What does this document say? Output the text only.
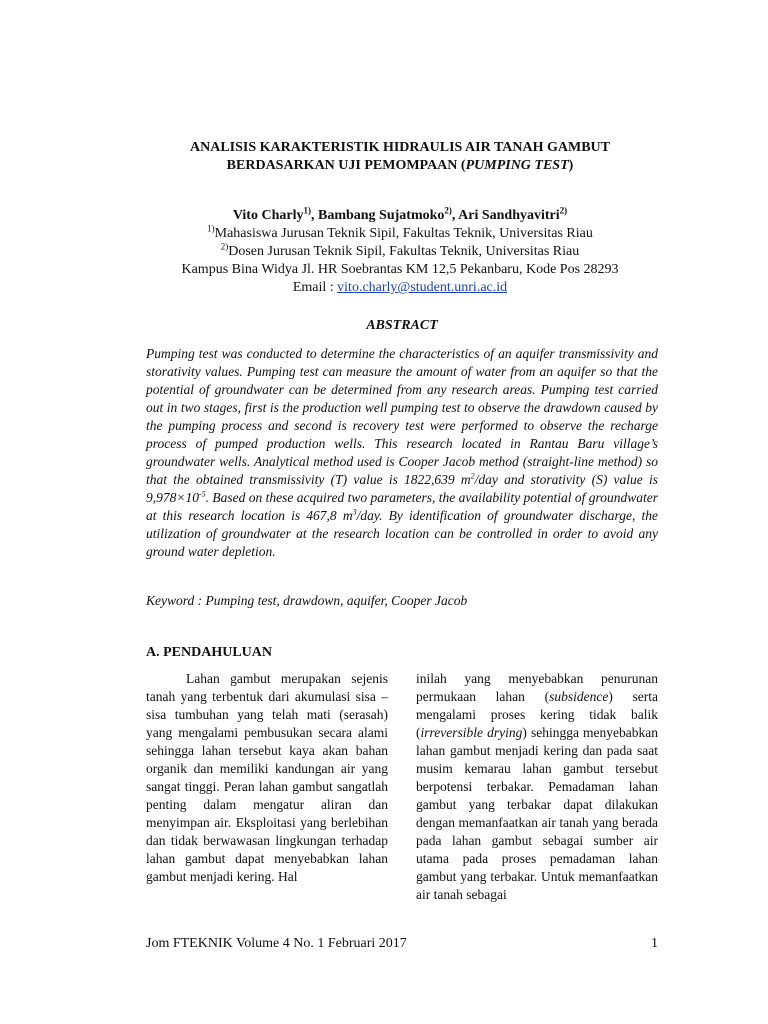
ANALISIS KARAKTERISTIK HIDRAULIS AIR TANAH GAMBUT
BERDASARKAN UJI PEMOMPAAN (PUMPING TEST)
Vito Charly$^{1)}$, Bambang Sujatmoko$^{2)}$, Ari Sandhyavitri$^{2)}$
$^{1)}$Mahasiswa Jurusan Teknik Sipil, Fakultas Teknik, Universitas Riau
$^{2)}$Dosen Jurusan Teknik Sipil, Fakultas Teknik, Universitas Riau
Kampus Bina Widya Jl. HR Soebrantas KM 12,5 Pekanbaru, Kode Pos 28293
Email : vito.charly@student.unri.ac.id
ABSTRACT
Pumping test was conducted to determine the characteristics of an aquifer transmissivity and storativity values. Pumping test can measure the amount of water from an aquifer so that the potential of groundwater can be determined from any research areas. Pumping test carried out in two stages, first is the production well pumping test to observe the drawdown caused by the pumping process and second is recovery test were performed to observe the recharge process of pumped production wells. This research located in Rantau Baru village’s groundwater wells. Analytical method used is Cooper Jacob method (straight-line method) so that the obtained transmissivity (T) value is 1822,639 $m^2$/day and storativity (S) value is $9,978\times 10^{-5}$. Based on these acquired two parameters, the availability potential of groundwater at this research location is 467,8 $m^3$/day. By identification of groundwater discharge, the utilization of groundwater at the research location can be controlled in order to avoid any ground water depletion.
Keyword : Pumping test, drawdown, aquifer, Cooper Jacob
A. PENDAHULUAN

Lahan gambut merupakan sejenis tanah yang terbentuk dari akumulasi sisa – sisa tumbuhan yang telah mati (serasah) yang mengalami pembusukan secara alami sehingga lahan tersebut kaya akan bahan organik dan memiliki kandungan air yang sangat tinggi. Peran lahan gambut sangatlah penting dalam mengatur aliran dan menyimpan air. Eksploitasi yang berlebihan dan tidak berwawasan lingkungan terhadap lahan gambut dapat menyebabkan lahan gambut menjadi kering. Hal

inilah yang menyebabkan penurunan permukaan lahan (subsidence) serta mengalami proses kering tidak balik (irreversible drying) sehingga menyebabkan lahan gambut menjadi kering dan pada saat musim kemarau lahan gambut tersebut berpotensi terbakar. Pemadaman lahan gambut yang terbakar dapat dilakukan dengan memanfaatkan air tanah yang berada pada lahan gambut sebagai sumber air utama pada proses pemadaman lahan gambut yang terbakar. Untuk memanfaatkan air tanah sebagai

Jom FTEKNIK Volume 4 No. 1 Februari 2017	1
